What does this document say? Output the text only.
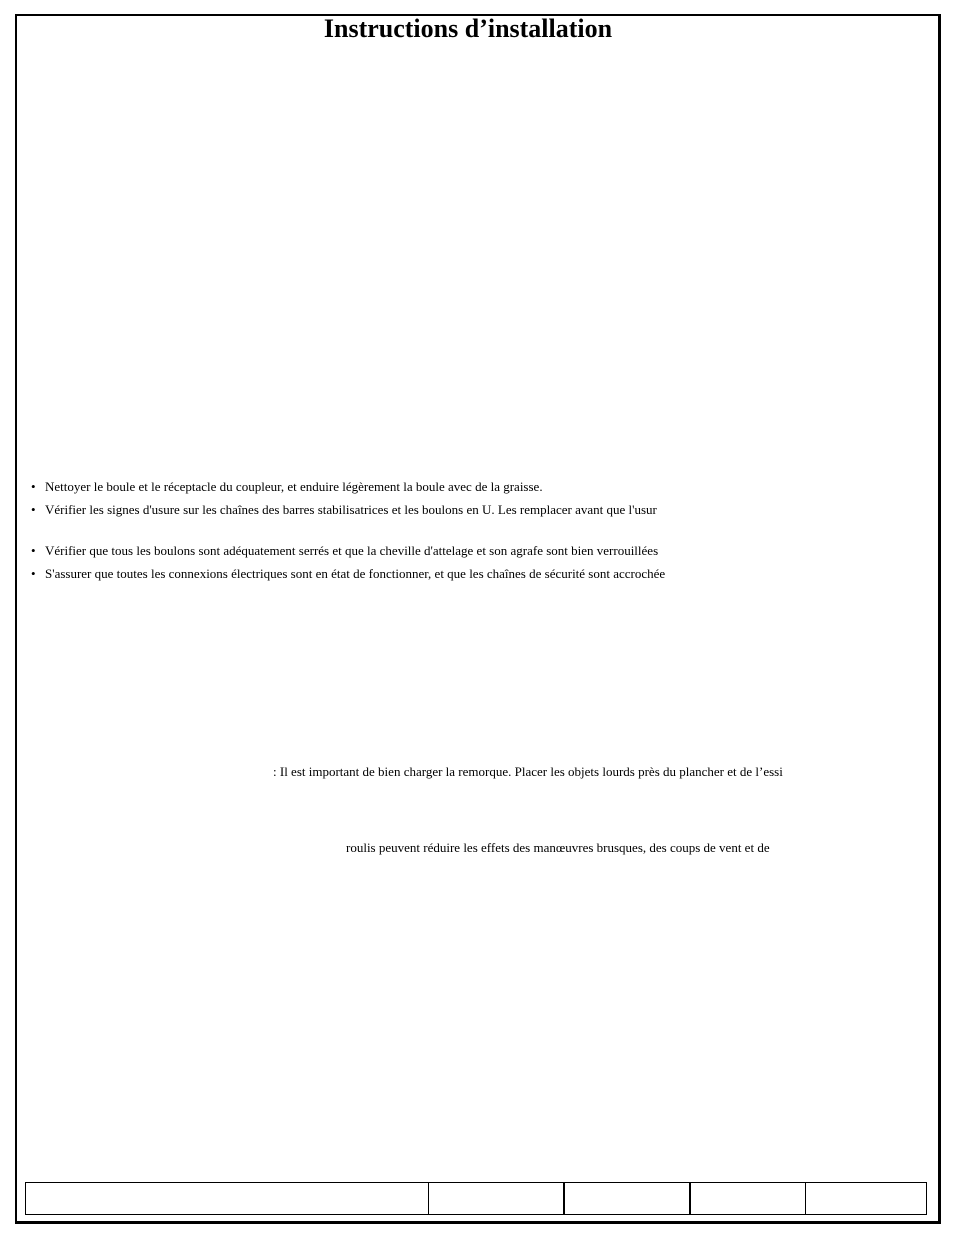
Instructions d’installation
• Nettoyer le boule et le réceptacle du coupleur, et enduire légèrement la boule avec de la graisse.
• Vérifier les signes d'usure sur les chaînes des barres stabilisatrices et les boulons en U. Les remplacer avant que l'usur
• Vérifier que tous les boulons sont adéquatement serrés et que la cheville d'attelage et son agrafe sont bien verrouillées
• S'assurer que toutes les connexions électriques sont en état de fonctionner, et que les chaînes de sécurité sont accrochée

: Il est important de bien charger la remorque. Placer les objets lourds près du plancher et de l’essi

roulis peuvent réduire les effets des manœuvres brusques, des coups de vent et de
